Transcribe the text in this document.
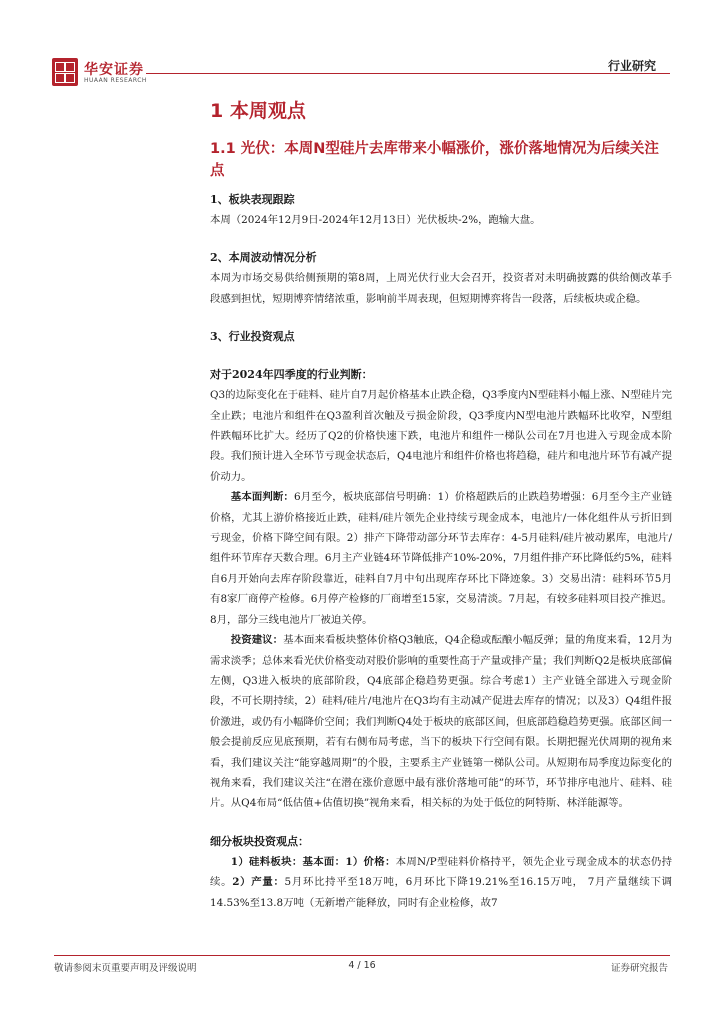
华安证券
HUAAN RESEARCH
行业研究
1 本周观点
1.1 光伏：本周N型硅片去库带来小幅涨价，涨价落地情况为后续关注点

1、板块表现跟踪

本周（2024年12月9日-2024年12月13日）光伏板块-2%，跑输大盘。

2、本周波动情况分析

本周为市场交易供给侧预期的第8周，上周光伏行业大会召开，投资者对未明确披露的供给侧改革手段感到担忧，短期博弈情绪浓重，影响前半周表现，但短期博弈将告一段落，后续板块或企稳。

3、行业投资观点

对于2024年四季度的行业判断：

Q3的边际变化在于硅料、硅片自7月起价格基本止跌企稳，Q3季度内N型硅料小幅上涨、N型硅片完全止跌；电池片和组件在Q3盈利首次触及亏损金阶段，Q3季度内N型电池片跌幅环比收窄，N型组件跌幅环比扩大。经历了Q2的价格快速下跌，电池片和组件一梯队公司在7月也进入亏现金成本阶段。我们预计进入全环节亏现金状态后，Q4电池片和组件价格也将趋稳，硅片和电池片环节有减产提价动力。

基本面判断：6月至今，板块底部信号明确：1）价格超跌后的止跌趋势增强：6月至今主产业链价格，尤其上游价格接近止跌，硅料/硅片领先企业持续亏现金成本，电池片/一体化组件从亏折旧到亏现金，价格下降空间有限。2）排产下降带动部分环节去库存：4-5月硅料/硅片被动累库，电池片/组件环节库存天数合理。6月主产业链4环节降低排产10%-20%，7月组件排产环比降低约5%，硅料自6月开始向去库存阶段靠近，硅料自7月中旬出现库存环比下降迹象。3）交易出清：硅料环节5月有8家厂商停产检修。6月停产检修的厂商增至15家，交易清淡。7月起，有较多硅料项目投产推迟。8月，部分三线电池片厂被迫关停。

投资建议：基本面来看板块整体价格Q3触底，Q4企稳或酝酿小幅反弹；量的角度来看，12月为需求淡季；总体来看光伏价格变动对股价影响的重要性高于产量或排产量；我们判断Q2是板块底部偏左侧，Q3进入板块的底部阶段，Q4底部企稳趋势更强。综合考虑1）主产业链全部进入亏现金阶段，不可长期持续，2）硅料/硅片/电池片在Q3均有主动减产促进去库存的情况；以及3）Q4组件报价激进，或仍有小幅降价空间；我们判断Q4处于板块的底部区间，但底部趋稳趋势更强。底部区间一般会提前反应见底预期，若有右侧布局考虑，当下的板块下行空间有限。长期把握光伏周期的视角来看，我们建议关注“能穿越周期”的个股，主要系主产业链第一梯队公司。从短期布局季度边际变化的视角来看，我们建议关注“在潜在涨价意愿中最有涨价落地可能”的环节，环节排序电池片、硅料、硅片。从Q4布局“低估值+估值切换”视角来看，相关标的为处于低位的阿特斯、林洋能源等。

细分板块投资观点：

1）硅料板块：基本面：1）价格：本周N/P型硅料价格持平，领先企业亏现金成本的状态仍持续。2）产量：5月环比持平至18万吨，6月环比下降19.21%至16.15万吨， 7月产量继续下调14.53%至13.8万吨（无新增产能释放，同时有企业检修，故7

敬请参阅末页重要声明及评级说明	4 / 16	证券研究报告
